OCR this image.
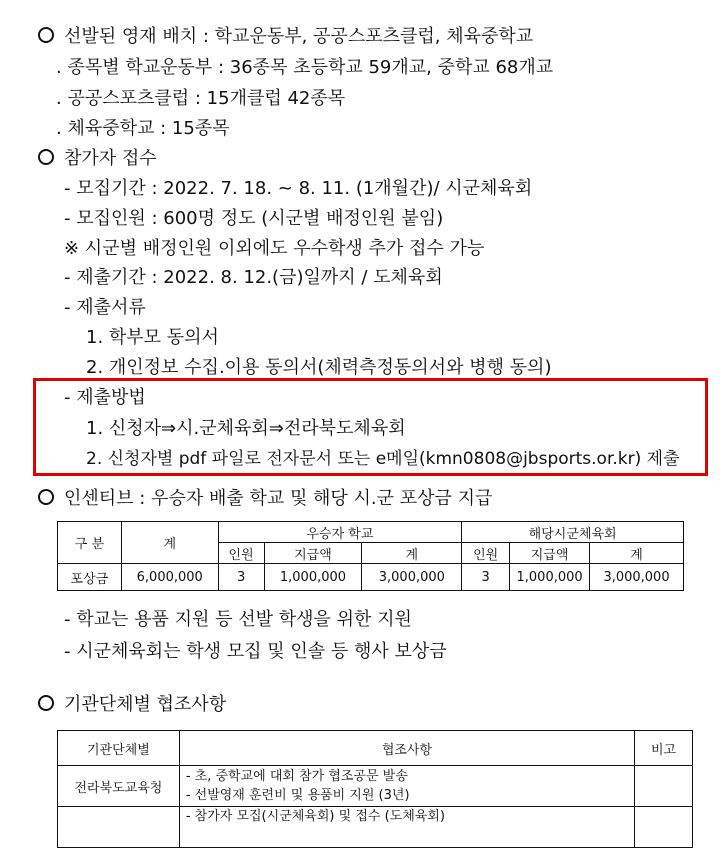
선발된 영재 배치 : 학교운동부, 공공스포츠클럽, 체육중학교
. 종목별 학교운동부 : 36종목 초등학교 59개교, 중학교 68개교
. 공공스포츠클럽 : 15개클럽 42종목
. 체육중학교 : 15종목
참가자 접수
- 모집기간 : 2022. 7. 18. ~ 8. 11. (1개월간)/ 시군체육회
- 모집인원 : 600명 정도 (시군별 배정인원 붙임)
※ 시군별 배정인원 이외에도 우수학생 추가 접수 가능
- 제출기간 : 2022. 8. 12.(금)일까지 / 도체육회
- 제출서류
1. 학부모 동의서
2. 개인정보 수집.이용 동의서(체력측정동의서와 병행 동의)
- 제출방법
1. 신청자⇒시.군체육회⇒전라북도체육회
2. 신청자별 pdf 파일로 전자문서 또는 e메일(kmn0808@jbsports.or.kr) 제출
인센티브 : 우승자 배출 학교 및 해당 시.군 포상금 지급
구 분	계	우승자 학교			해당시군체육회		
		인원	지급액	계	인원	지급액	계
포상금	6,000,000	3	1,000,000	3,000,000	3	1,000,000	3,000,000
- 학교는 용품 지원 등 선발 학생을 위한 지원
- 시군체육회는 학생 모집 및 인솔 등 행사 보상금
기관단체별 협조사항
기관단체별	협조사항	비고
전라북도교육청	- 초, 중학교에 대회 참가 협조공문 발송
- 선발영재 훈련비 및 용품비 지원 (3년)	

	- 참가자 모집(시군체육회) 및 접수 (도체육회)	
